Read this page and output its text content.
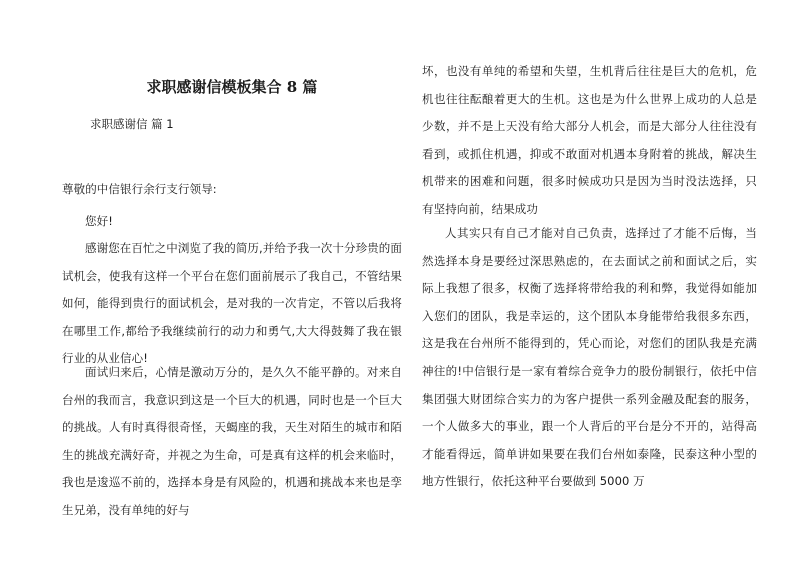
求职感谢信模板集合 8 篇
求职感谢信 篇 1

尊敬的中信银行余行支行领导:

您好!

感谢您在百忙之中浏览了我的简历,并给予我一次十分珍贵的面试机会，使我有这样一个平台在您们面前展示了我自己，不管结果如何，能得到贵行的面试机会，是对我的一次肯定，不管以后我将在哪里工作,都给予我继续前行的动力和勇气,大大得鼓舞了我在银行业的从业信心!

面试归来后，心情是激动万分的，是久久不能平静的。对来自台州的我而言，我意识到这是一个巨大的机遇，同时也是一个巨大的挑战。人有时真得很奇怪，天蝎座的我，天生对陌生的城市和陌生的挑战充满好奇，并视之为生命，可是真有这样的机会来临时，我也是逡巡不前的，选择本身是有风险的，机遇和挑战本来也是孪生兄弟，没有单纯的好与

坏，也没有单纯的希望和失望，生机背后往往是巨大的危机，危机也往往酝酿着更大的生机。这也是为什么世界上成功的人总是少数，并不是上天没有给大部分人机会，而是大部分人往往没有看到，或抓住机遇，抑或不敢面对机遇本身附着的挑战，解决生机带来的困难和问题，很多时候成功只是因为当时没法选择，只有坚持向前，结果成功

人其实只有自己才能对自己负责，选择过了才能不后悔，当然选择本身是要经过深思熟虑的，在去面试之前和面试之后，实际上我想了很多，权衡了选择将带给我的利和弊，我觉得如能加入您们的团队，我是幸运的，这个团队本身能带给我很多东西，这是我在台州所不能得到的，凭心而论，对您们的团队我是充满神往的!中信银行是一家有着综合竞争力的股份制银行，依托中信集团强大财团综合实力的为客户提供一系列金融及配套的服务，一个人做多大的事业，跟一个人背后的平台是分不开的，站得高才能看得远，简单讲如果要在我们台州如泰隆，民泰这种小型的地方性银行，依托这种平台要做到 5000 万
